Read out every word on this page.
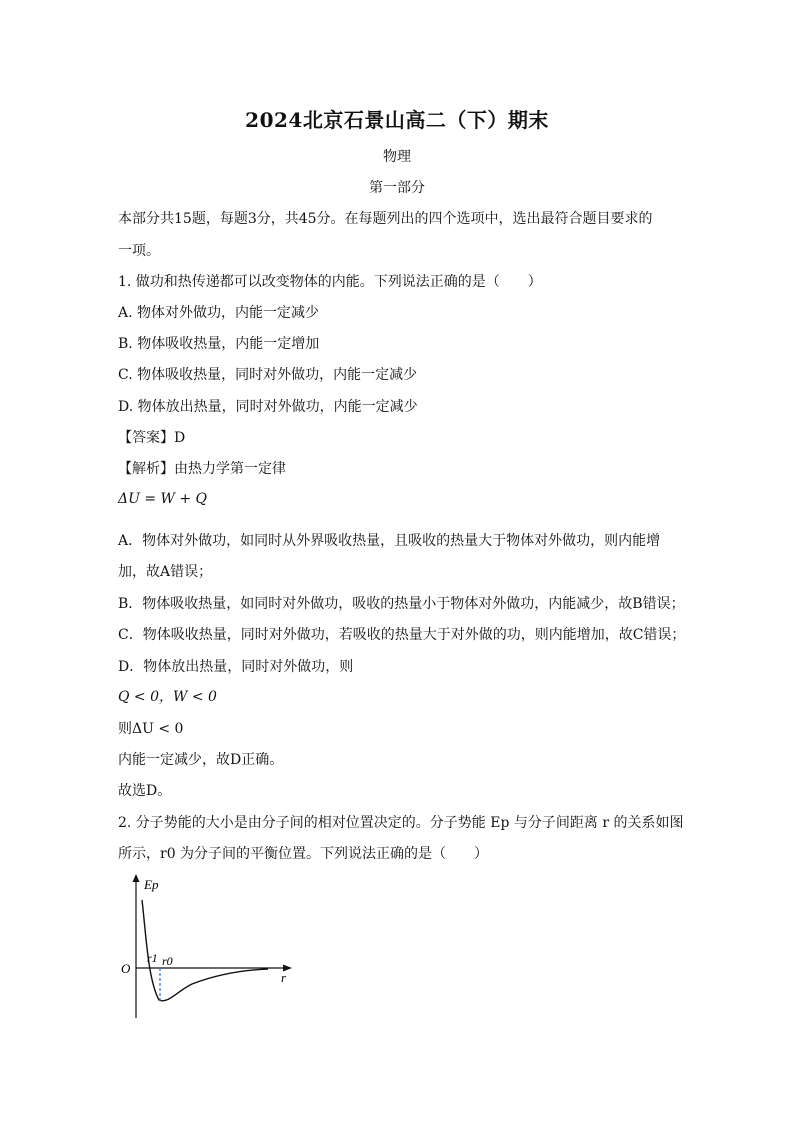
2024北京石景山高二（下）期末
物理
第一部分
本部分共15题，每题3分，共45分。在每题列出的四个选项中，选出最符合题目要求的
一项。
1. 做功和热传递都可以改变物体的内能。下列说法正确的是（　　）
A. 物体对外做功，内能一定减少
B. 物体吸收热量，内能一定增加
C. 物体吸收热量，同时对外做功，内能一定减少
D. 物体放出热量，同时对外做功，内能一定减少
【答案】D
【解析】由热力学第一定律
ΔU = W + Q
A．物体对外做功，如同时从外界吸收热量，且吸收的热量大于物体对外做功，则内能增
加，故A错误；
B．物体吸收热量，如同时对外做功，吸收的热量小于物体对外做功，内能减少，故B错误；
C．物体吸收热量，同时对外做功，若吸收的热量大于对外做的功，则内能增加，故C错误；
D．物体放出热量，同时对外做功，则
Q < 0，W < 0
则ΔU < 0
内能一定减少，故D正确。
故选D。
2. 分子势能的大小是由分子间的相对位置决定的。分子势能 Ep 与分子间距离 r 的关系如图
所示，r0 为分子间的平衡位置。下列说法正确的是（　　）
Ep
O
r1 r0
r
